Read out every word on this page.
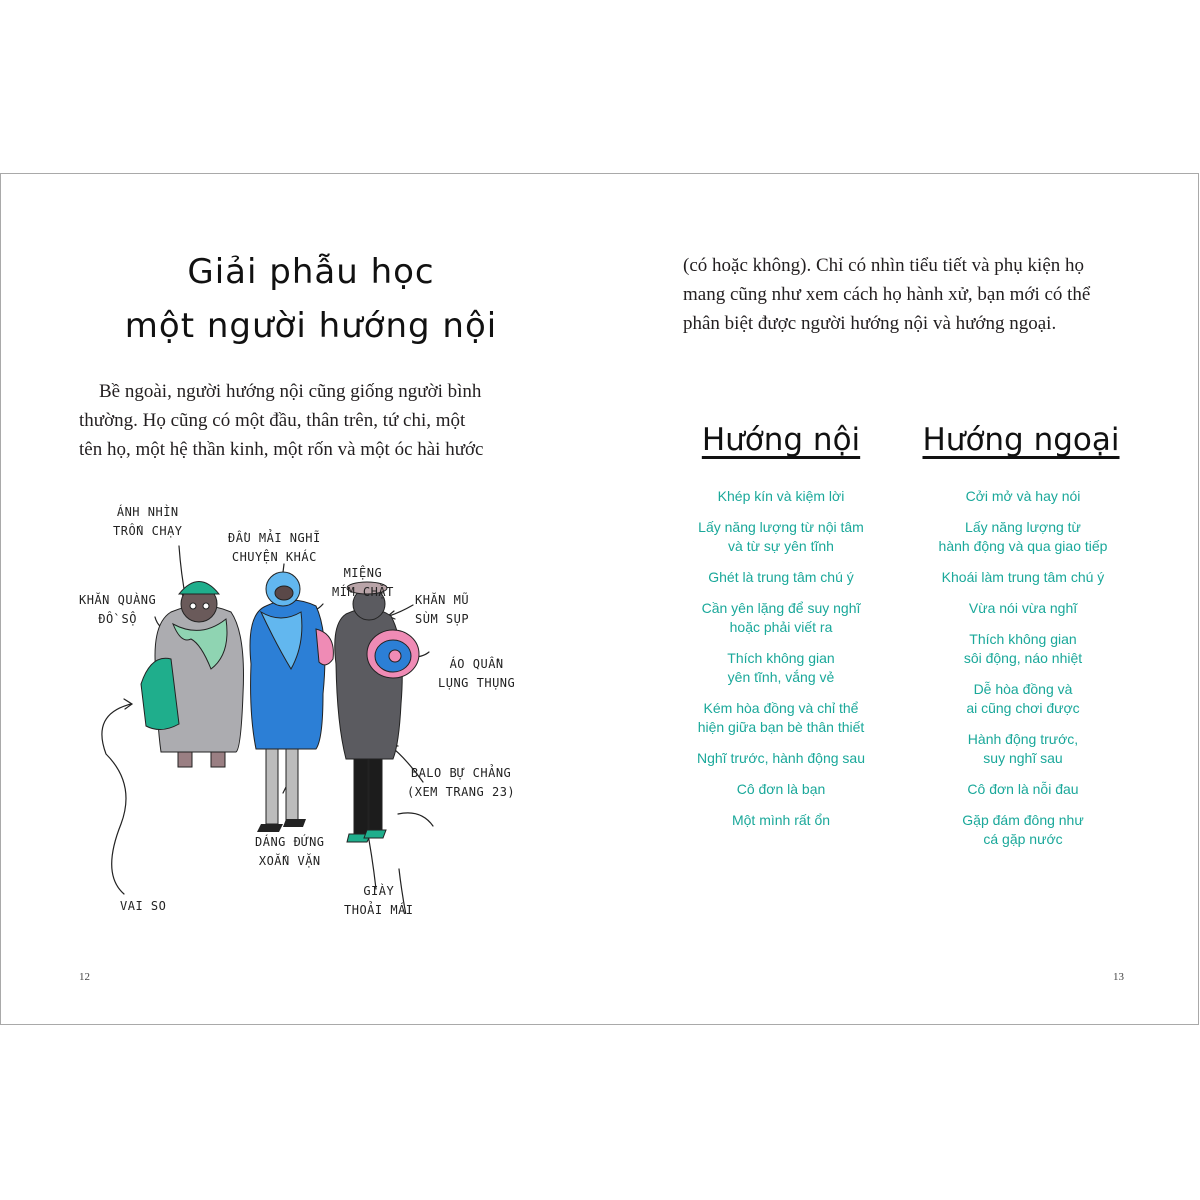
Giải phẫu học
một người hướng nội
Bề ngoài, người hướng nội cũng giống người bình
thường. Họ cũng có một đầu, thân trên, tứ chi, một
tên họ, một hệ thần kinh, một rốn và một óc hài hước
ÁNH NHÌN
TRỐN CHẠY	ĐẦU MẢI NGHĨ
CHUYỆN KHÁC
MIỆNG
MÍM CHẶT
KHĂN QUÀNG
ĐỒ SỘ
KHĂN MŨ
SÙM SỤP
ÁO QUẦN
LỤNG THỤNG
BALO BỰ CHẢNG
(XEM TRANG 23)
DÁNG ĐỨNG
XOẮN VẶN
VAI SO
GIÀY
THOẢI MÁI
12
(có hoặc không). Chỉ có nhìn tiểu tiết và phụ kiện họ
mang cũng như xem cách họ hành xử, bạn mới có thể
phân biệt được người hướng nội và hướng ngoại.
Hướng nội	Hướng ngoại
Khép kín và kiệm lời
Lấy năng lượng từ nội tâm
và từ sự yên tĩnh
Ghét là trung tâm chú ý
Cần yên lặng để suy nghĩ
hoặc phải viết ra
Thích không gian
yên tĩnh, vắng vẻ
Kém hòa đồng và chỉ thể
hiện giữa bạn bè thân thiết
Nghĩ trước, hành động sau
Cô đơn là bạn
Một mình rất ổn
Cởi mở và hay nói
Lấy năng lượng từ
hành động và qua giao tiếp
Khoái làm trung tâm chú ý
Vừa nói vừa nghĩ
Thích không gian
sôi động, náo nhiệt
Dễ hòa đồng và
ai cũng chơi được
Hành động trước,
suy nghĩ sau
Cô đơn là nỗi đau
Gặp đám đông như
cá gặp nước
13
